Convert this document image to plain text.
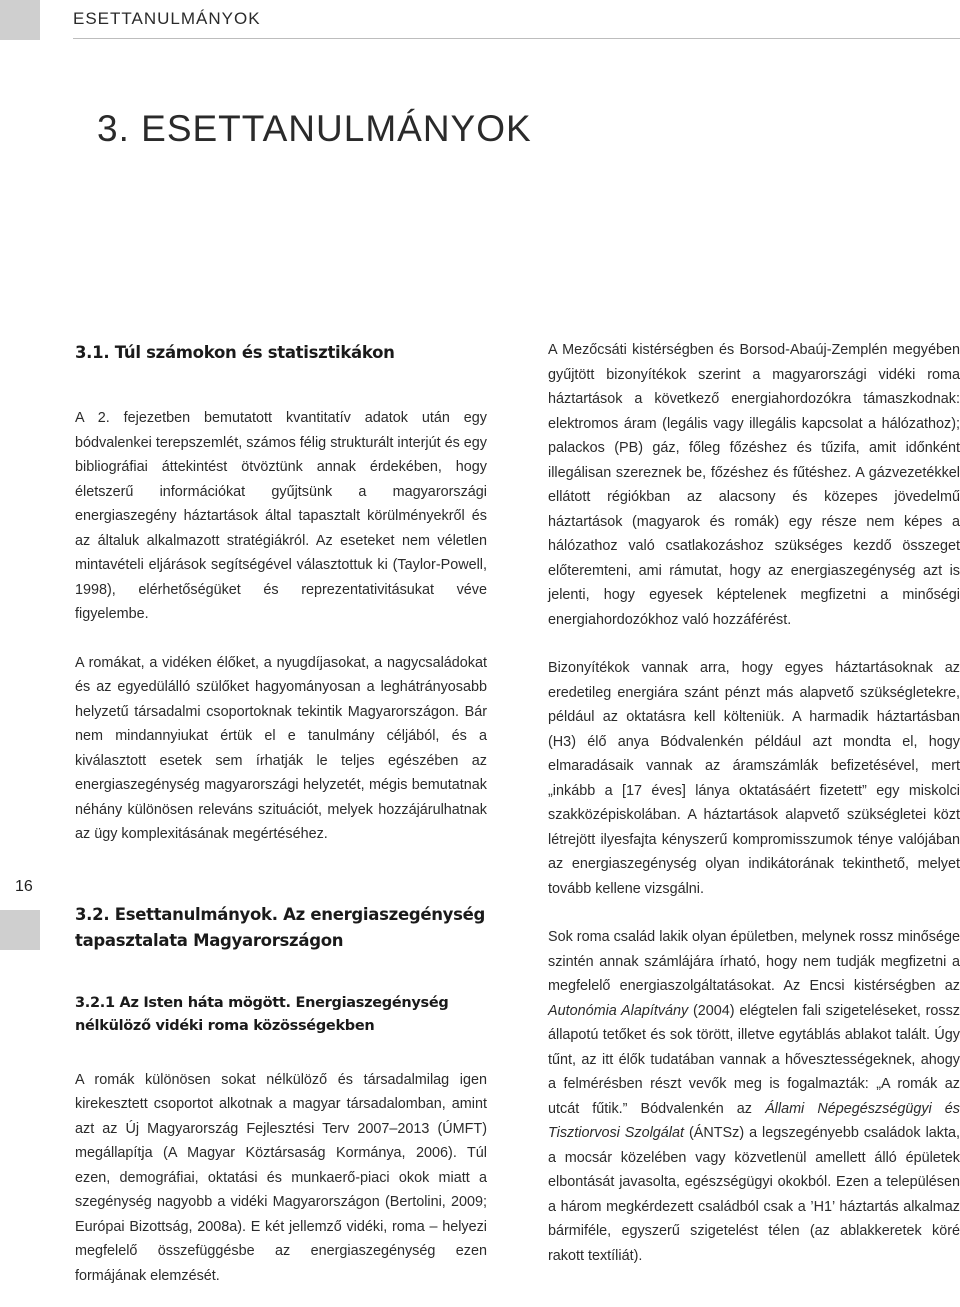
ESETTANULMÁNYOK
3. ESETTANULMÁNYOK
16
3.1. Túl számokon és statisztikákon

A 2. fejezetben bemutatott kvantitatív adatok után egy bódvalenkei terepszemlét, számos félig strukturált interjút és egy bibliográfiai áttekintést ötvöztünk annak érdekében, hogy életszerű információkat gyűjtsünk a magyarországi energiaszegény háztartások által tapasztalt körülményekről és az általuk alkalmazott stratégiákról. Az eseteket nem véletlen mintavételi eljárások segítségével választottuk ki (Taylor-Powell, 1998), elérhetőségüket és reprezentativitásukat véve figyelembe.

A romákat, a vidéken élőket, a nyugdíjasokat, a nagycsaládokat és az egyedülálló szülőket hagyományosan a leghátrányosabb helyzetű társadalmi csoportoknak tekintik Magyarországon. Bár nem mindannyiukat értük el e tanulmány céljából, és a kiválasztott esetek sem írhatják le teljes egészében az energiaszegénység magyarországi helyzetét, mégis bemutatnak néhány különösen releváns szituációt, melyek hozzájárulhatnak az ügy komplexitásának megértéséhez.

3.2. Esettanulmányok. Az energiaszegénység tapasztalata Magyarországon
3.2.1 Az Isten háta mögött. Energiaszegénység nélkülöző vidéki roma közösségekben

A romák különösen sokat nélkülöző és társadalmilag igen kirekesztett csoportot alkotnak a magyar társadalomban, amint azt az Új Magyarország Fejlesztési Terv 2007–2013 (ÚMFT) megállapítja (A Magyar Köztársaság Kormánya, 2006). Túl ezen, demográfiai, oktatási és munkaerő-piaci okok miatt a szegénység nagyobb a vidéki Magyarországon (Bertolini, 2009; Európai Bizottság, 2008a). E két jellemző vidéki, roma – helyezi megfelelő összefüggésbe az energiaszegénység ezen formájának elemzését.

A Mezőcsáti kistérségben és Borsod-Abaúj-Zemplén megyében gyűjtött bizonyítékok szerint a magyarországi vidéki roma háztartások a következő energiahordozókra támaszkodnak: elektromos áram (legális vagy illegális kapcsolat a hálózathoz); palackos (PB) gáz, főleg főzéshez és tűzifa, amit időnként illegálisan szereznek be, főzéshez és fűtéshez. A gázvezetékkel ellátott régiókban az alacsony és közepes jövedelmű háztartások (magyarok és romák) egy része nem képes a hálózathoz való csatlakozáshoz szükséges kezdő összeget előteremteni, ami rámutat, hogy az energiaszegénység azt is jelenti, hogy egyesek képtelenek megfizetni a minőségi energiahordozókhoz való hozzáférést.

Bizonyítékok vannak arra, hogy egyes háztartásoknak az eredetileg energiára szánt pénzt más alapvető szükségletekre, például az oktatásra kell költeniük. A harmadik háztartásban (H3) élő anya Bódvalenkén például azt mondta el, hogy elmaradásaik vannak az áramszámlák befizetésével, mert „inkább a [17 éves] lánya oktatásáért fizetett” egy miskolci szakközépiskolában. A háztartások alapvető szükségletei közt létrejött ilyesfajta kényszerű kompromisszumok ténye valójában az energiaszegénység olyan indikátorának tekinthető, melyet tovább kellene vizsgálni.

Sok roma család lakik olyan épületben, melynek rossz minősége szintén annak számlájára írható, hogy nem tudják megfizetni a megfelelő energiaszolgáltatásokat. Az Encsi kistérségben az Autonómia Alapítvány (2004) elégtelen fali szigeteléseket, rossz állapotú tetőket és sok törött, illetve egytáblás ablakot talált. Úgy tűnt, az itt élők tudatában vannak a hővesztességeknek, ahogy a felmérésben részt vevők meg is fogalmazták: „A romák az utcát fűtik.” Bódvalenkén az Állami Népegészségügyi és Tisztiorvosi Szolgálat (ÁNTSz) a legszegényebb családok lakta, a mocsár közelében vagy közvetlenül amellett álló épületek elbontását javasolta, egészségügyi okokból. Ezen a településen a három megkérdezett családból csak a ’H1’ háztartás alkalmaz bármiféle, egyszerű szigetelést télen (az ablakkeretek köré rakott textíliát).
